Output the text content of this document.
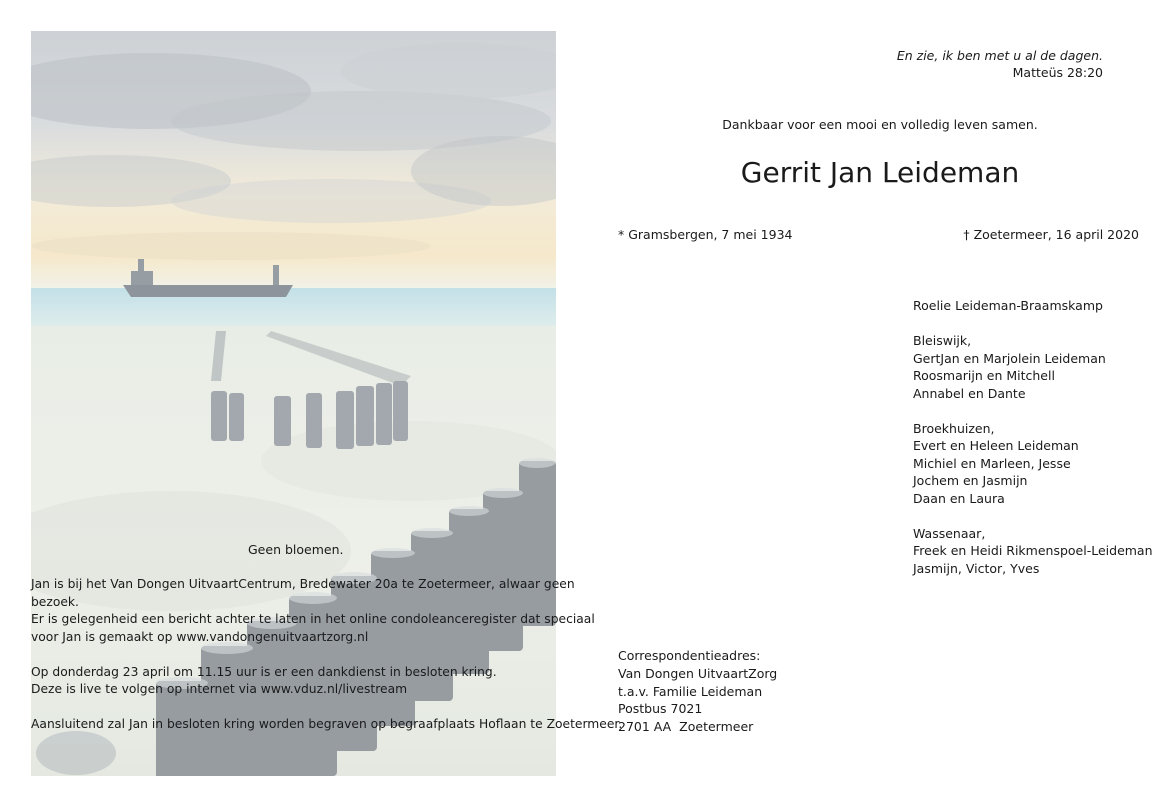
En zie, ik ben met u al de dagen.
Matteüs 28:20
Dankbaar voor een mooi en volledig leven samen.
Gerrit Jan Leideman
* Gramsbergen, 7 mei 1934	† Zoetermeer, 16 april 2020
Roelie Leideman-Braamskamp
Bleiswijk,
GertJan en Marjolein Leideman
Roosmarijn en Mitchell
Annabel en Dante
Broekhuizen,
Evert en Heleen Leideman
Michiel en Marleen, Jesse
Jochem en Jasmijn
Daan en Laura
Wassenaar,
Freek en Heidi Rikmenspoel-Leideman
Jasmijn, Victor, Yves
Geen bloemen.
Jan is bij het Van Dongen UitvaartCentrum, Bredewater 20a te Zoetermeer, alwaar geen
bezoek.
Er is gelegenheid een bericht achter te laten in het online condoleanceregister dat speciaal
voor Jan is gemaakt op www.vandongenuitvaartzorg.nl
Op donderdag 23 april om 11.15 uur is er een dankdienst in besloten kring.
Deze is live te volgen op internet via www.vduz.nl/livestream
Aansluitend zal Jan in besloten kring worden begraven op begraafplaats Hoflaan te Zoetermeer.
Correspondentieadres:
Van Dongen UitvaartZorg
t.a.v. Familie Leideman
Postbus 7021
2701 AA  Zoetermeer
